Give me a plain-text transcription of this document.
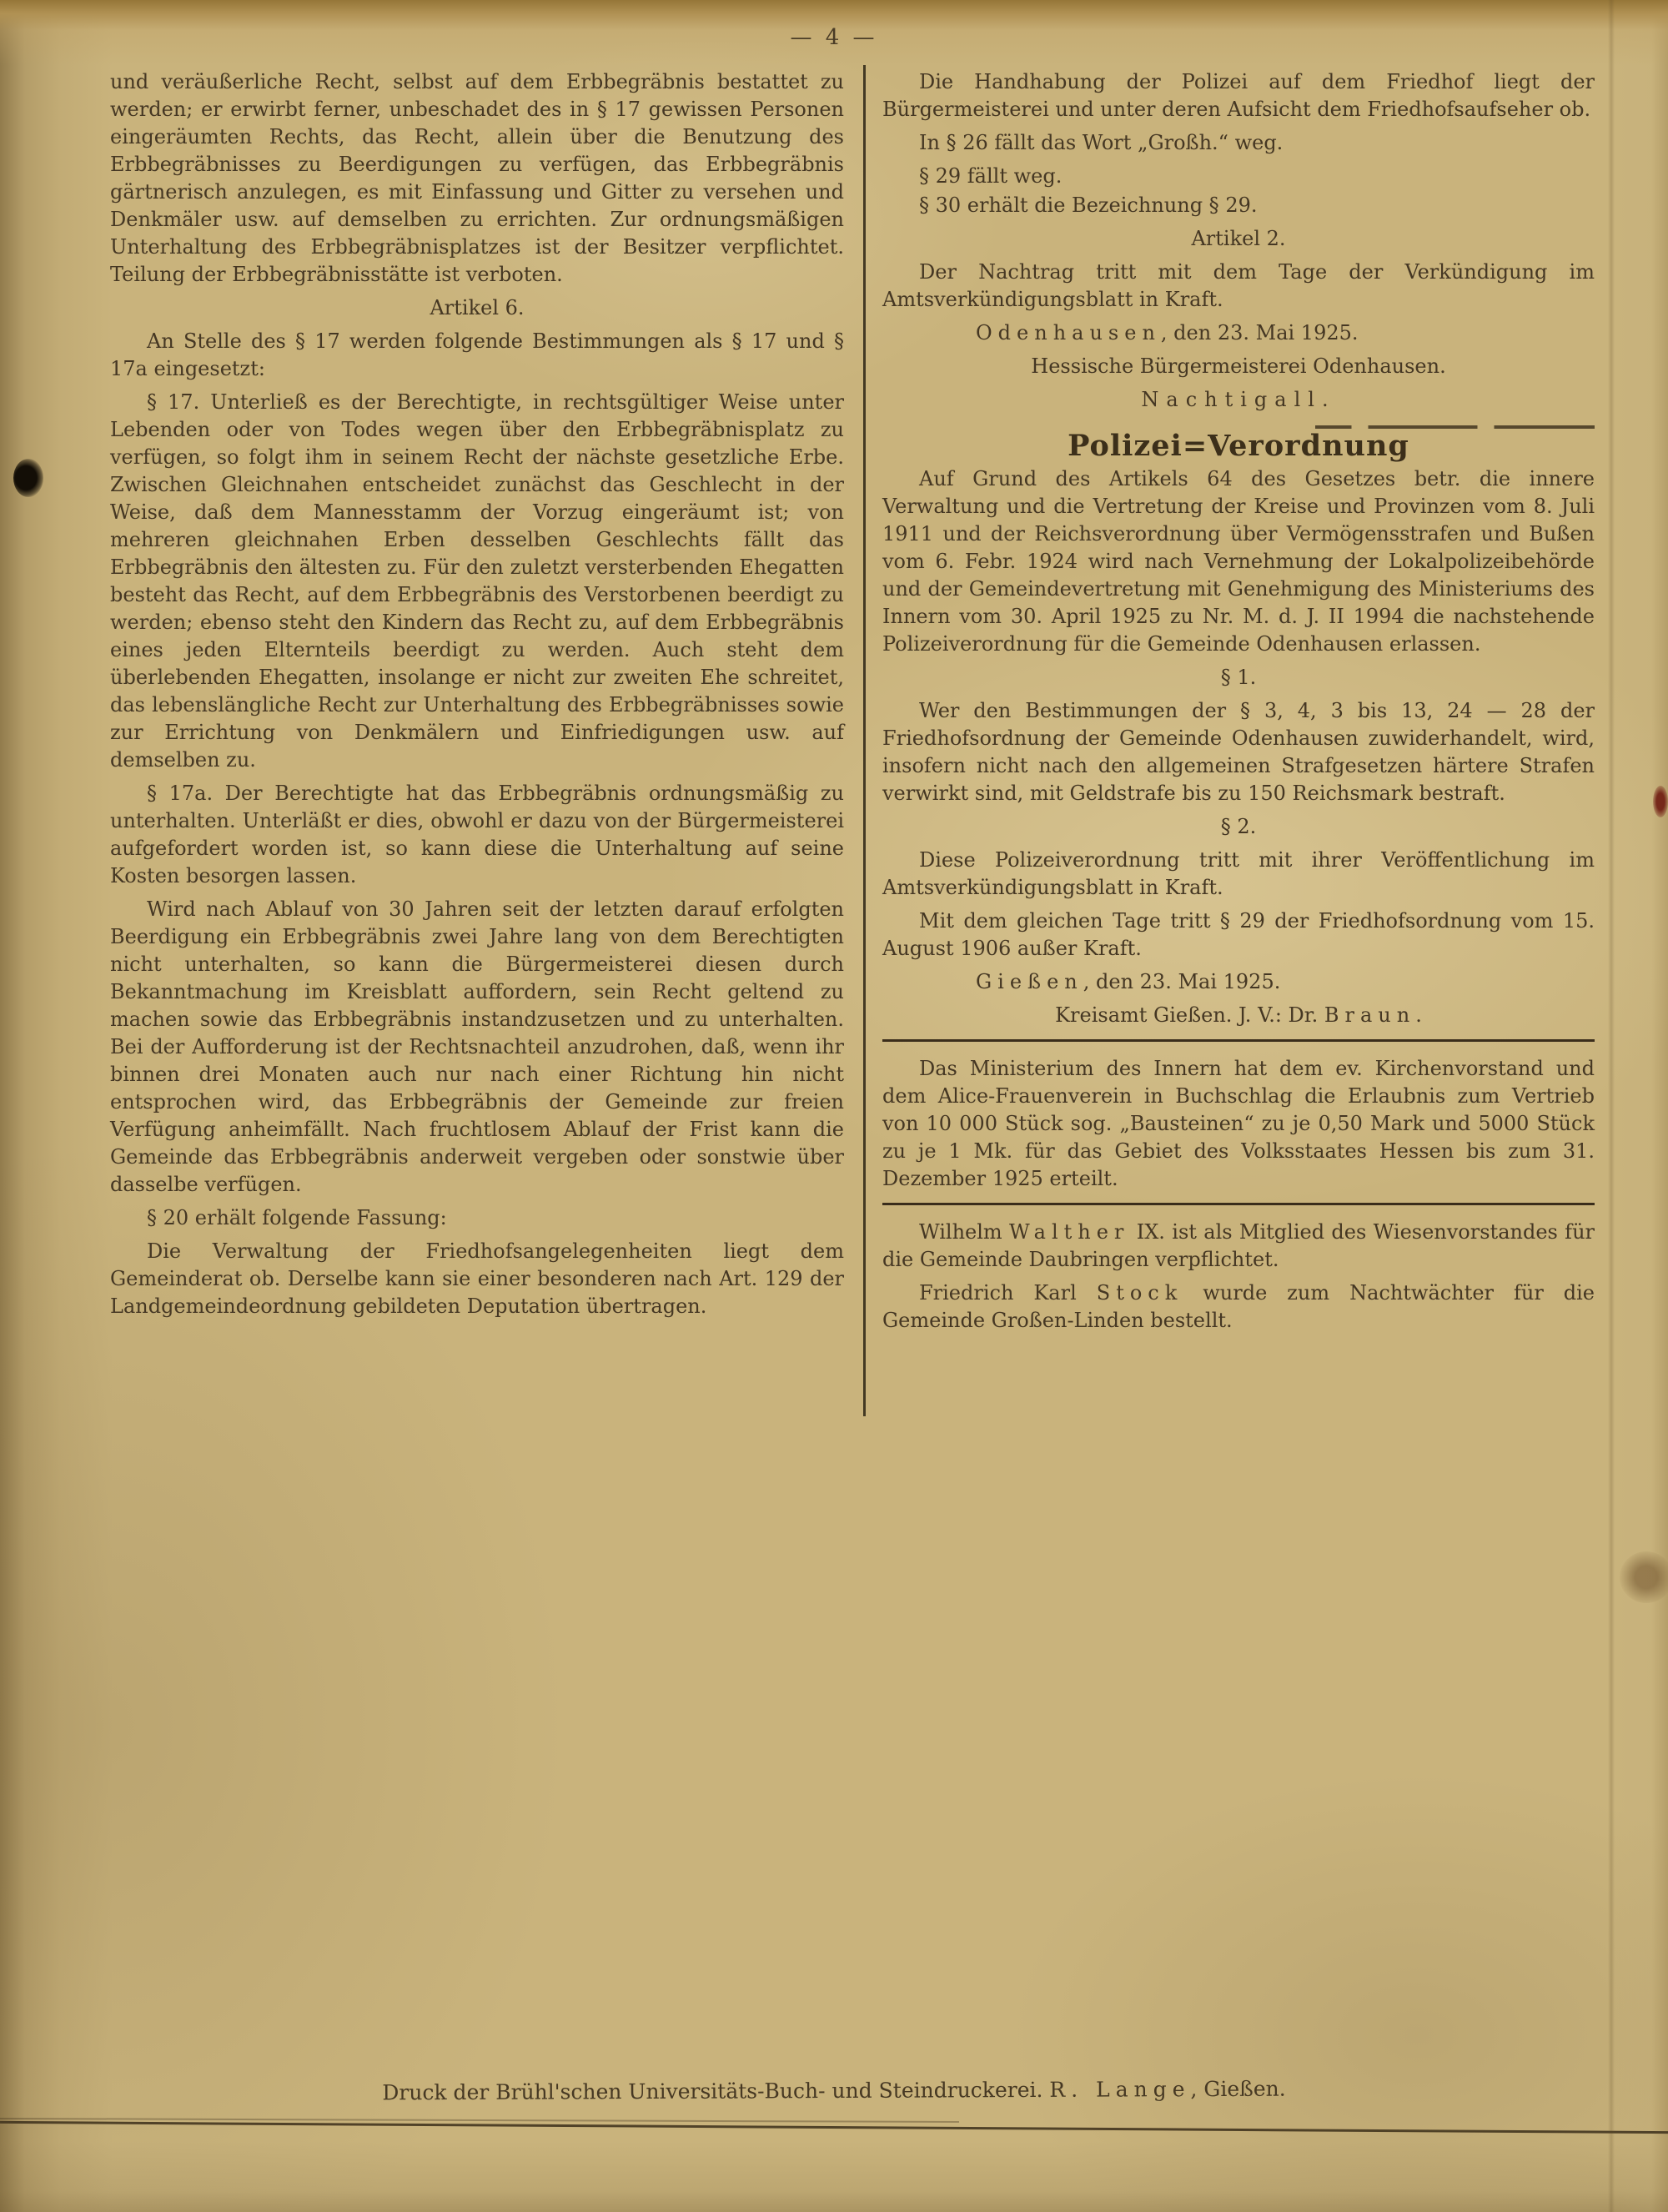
— 4 —

und veräußerliche Recht, selbst auf dem Erbbegräbnis bestattet zu werden; er erwirbt ferner, unbeschadet des in § 17 gewissen Personen eingeräumten Rechts, das Recht, allein über die Benutzung des Erbbegräbnisses zu Beerdigungen zu verfügen, das Erbbegräbnis gärtnerisch anzulegen, es mit Einfassung und Gitter zu versehen und Denkmäler usw. auf demselben zu errichten. Zur ordnungsmäßigen Unterhaltung des Erbbegräbnisplatzes ist der Besitzer verpflichtet. Teilung der Erbbegräbnisstätte ist verboten.

Artikel 6.

An Stelle des § 17 werden folgende Bestimmungen als § 17 und § 17a eingesetzt:

§ 17. Unterließ es der Berechtigte, in rechtsgültiger Weise unter Lebenden oder von Todes wegen über den Erbbegräbnisplatz zu verfügen, so folgt ihm in seinem Recht der nächste gesetzliche Erbe. Zwischen Gleichnahen entscheidet zunächst das Geschlecht in der Weise, daß dem Mannesstamm der Vorzug eingeräumt ist; von mehreren gleichnahen Erben desselben Geschlechts fällt das Erbbegräbnis den ältesten zu. Für den zuletzt versterbenden Ehegatten besteht das Recht, auf dem Erbbegräbnis des Verstorbenen beerdigt zu werden; ebenso steht den Kindern das Recht zu, auf dem Erbbegräbnis eines jeden Elternteils beerdigt zu werden. Auch steht dem überlebenden Ehegatten, insolange er nicht zur zweiten Ehe schreitet, das lebenslängliche Recht zur Unterhaltung des Erbbegräbnisses sowie zur Errichtung von Denkmälern und Einfriedigungen usw. auf demselben zu.

§ 17a. Der Berechtigte hat das Erbbegräbnis ordnungsmäßig zu unterhalten. Unterläßt er dies, obwohl er dazu von der Bürgermeisterei aufgefordert worden ist, so kann diese die Unterhaltung auf seine Kosten besorgen lassen.

Wird nach Ablauf von 30 Jahren seit der letzten darauf erfolgten Beerdigung ein Erbbegräbnis zwei Jahre lang von dem Berechtigten nicht unterhalten, so kann die Bürgermeisterei diesen durch Bekanntmachung im Kreisblatt auffordern, sein Recht geltend zu machen sowie das Erbbegräbnis instandzusetzen und zu unterhalten. Bei der Aufforderung ist der Rechtsnachteil anzudrohen, daß, wenn ihr binnen drei Monaten auch nur nach einer Richtung hin nicht entsprochen wird, das Erbbegräbnis der Gemeinde zur freien Verfügung anheimfällt. Nach fruchtlosem Ablauf der Frist kann die Gemeinde das Erbbegräbnis anderweit vergeben oder sonstwie über dasselbe verfügen.

§ 20 erhält folgende Fassung:

Die Verwaltung der Friedhofsangelegenheiten liegt dem Gemeinderat ob. Derselbe kann sie einer besonderen nach Art. 129 der Landgemeindeordnung gebildeten Deputation übertragen.

Die Handhabung der Polizei auf dem Friedhof liegt der Bürgermeisterei und unter deren Aufsicht dem Friedhofsaufseher ob.

In § 26 fällt das Wort „Großh.“ weg.

§ 29 fällt weg.

§ 30 erhält die Bezeichnung § 29.

Artikel 2.

Der Nachtrag tritt mit dem Tage der Verkündigung im Amtsverkündigungsblatt in Kraft.

Odenhausen, den 23. Mai 1925.

Hessische Bürgermeisterei Odenhausen.

Nachtigall.

Polizei=Verordnung

Auf Grund des Artikels 64 des Gesetzes betr. die innere Verwaltung und die Vertretung der Kreise und Provinzen vom 8. Juli 1911 und der Reichsverordnung über Vermögensstrafen und Bußen vom 6. Febr. 1924 wird nach Vernehmung der Lokalpolizeibehörde und der Gemeindevertretung mit Genehmigung des Ministeriums des Innern vom 30. April 1925 zu Nr. M. d. J. II 1994 die nachstehende Polizeiverordnung für die Gemeinde Odenhausen erlassen.

§ 1.

Wer den Bestimmungen der § 3, 4, 3 bis 13, 24 — 28 der Friedhofsordnung der Gemeinde Odenhausen zuwiderhandelt, wird, insofern nicht nach den allgemeinen Strafgesetzen härtere Strafen verwirkt sind, mit Geldstrafe bis zu 150 Reichsmark bestraft.

§ 2.

Diese Polizeiverordnung tritt mit ihrer Veröffentlichung im Amtsverkündigungsblatt in Kraft.

Mit dem gleichen Tage tritt § 29 der Friedhofsordnung vom 15. August 1906 außer Kraft.

Gießen, den 23. Mai 1925.

Kreisamt Gießen. J. V.: Dr. Braun.

Das Ministerium des Innern hat dem ev. Kirchenvorstand und dem Alice-Frauenverein in Buchschlag die Erlaubnis zum Vertrieb von 10 000 Stück sog. „Bausteinen“ zu je 0,50 Mark und 5000 Stück zu je 1 Mk. für das Gebiet des Volksstaates Hessen bis zum 31. Dezember 1925 erteilt.

Wilhelm Walther IX. ist als Mitglied des Wiesenvorstandes für die Gemeinde Daubringen verpflichtet.

Friedrich Karl Stock wurde zum Nachtwächter für die Gemeinde Großen-Linden bestellt.

Druck der Brühl'schen Universitäts-Buch- und Steindruckerei. R. Lange, Gießen.
